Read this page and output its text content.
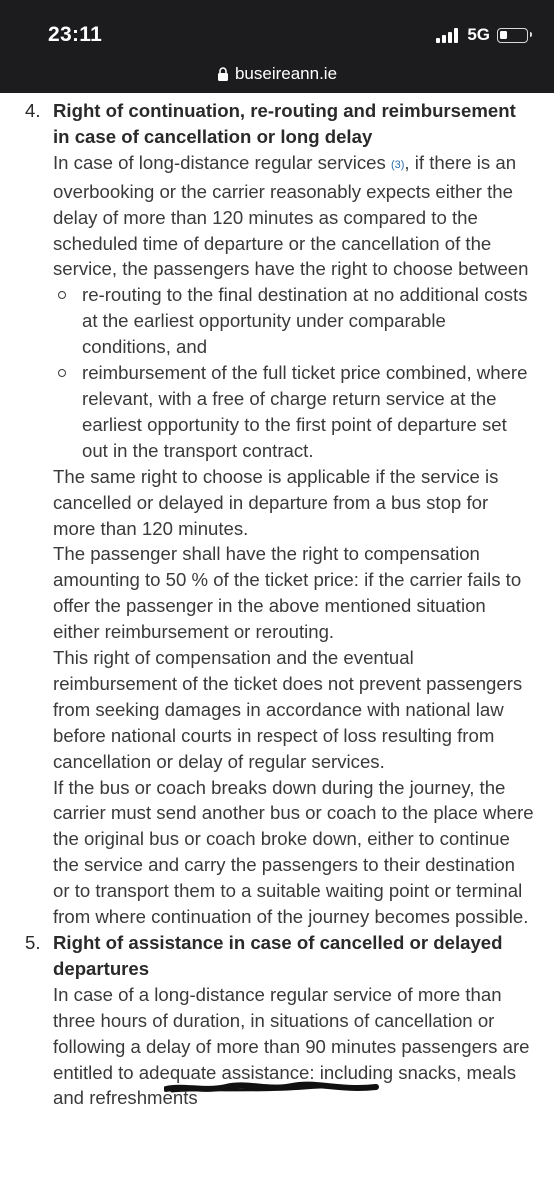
23:11	5G
buseireann.ie
4. Right of continuation, re-routing and reimbursement in case of cancellation or long delay

In case of long-distance regular services (3), if there is an overbooking or the carrier reasonably expects either the delay of more than 120 minutes as compared to the scheduled time of departure or the cancellation of the service, the passengers have the right to choose between

re-routing to the final destination at no additional costs at the earliest opportunity under comparable conditions, and
reimbursement of the full ticket price combined, where relevant, with a free of charge return service at the earliest opportunity to the first point of departure set out in the transport contract.

The same right to choose is applicable if the service is cancelled or delayed in departure from a bus stop for more than 120 minutes.

The passenger shall have the right to compensation amounting to 50 % of the ticket price: if the carrier fails to offer the passenger in the above mentioned situation either reimbursement or rerouting.

This right of compensation and the eventual reimbursement of the ticket does not prevent passengers from seeking damages in accordance with national law before national courts in respect of loss resulting from cancellation or delay of regular services.

If the bus or coach breaks down during the journey, the carrier must send another bus or coach to the place where the original bus or coach broke down, either to continue the service and carry the passengers to their destination or to transport them to a suitable waiting point or terminal from where continuation of the journey becomes possible.

5. Right of assistance in case of cancelled or delayed departures

In case of a long-distance regular service of more than three hours of duration, in situations of cancellation or following a delay of more than 90 minutes passengers are entitled to adequate assistance: including snacks, meals and refreshments
